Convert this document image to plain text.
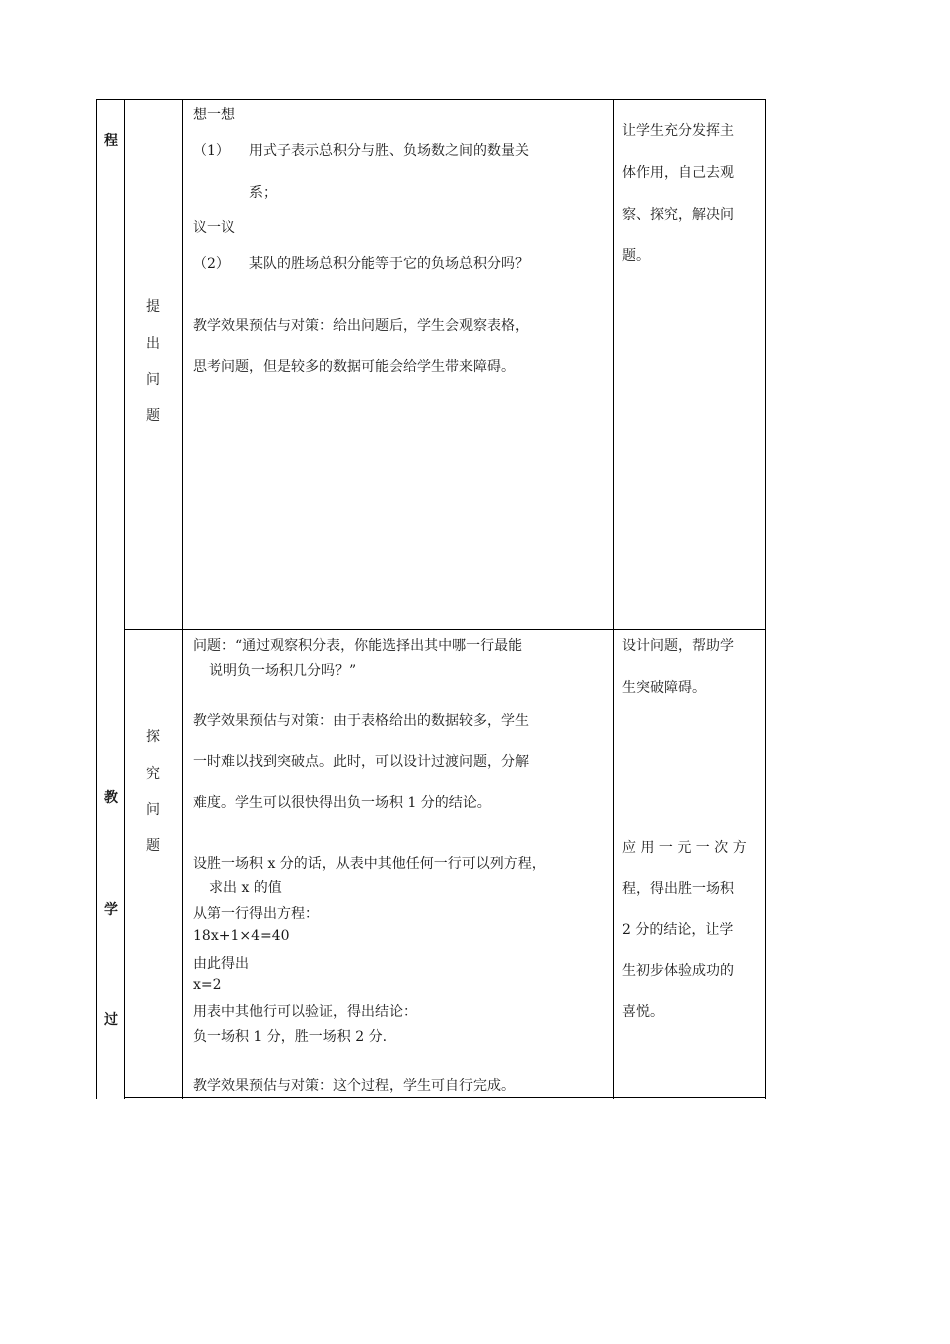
程
教
学
过
提
出
问
题
想一想
（1） 用式子表示总积分与胜、负场数之间的数量关
系；
议一议
（2） 某队的胜场总积分能等于它的负场总积分吗？
教学效果预估与对策：给出问题后，学生会观察表格，
思考问题，但是较多的数据可能会给学生带来障碍。
让学生充分发挥主
体作用，自己去观
察、探究，解决问
题。
探
究
问
题
问题：“通过观察积分表，你能选择出其中哪一行最能
说明负一场积几分吗？”
教学效果预估与对策：由于表格给出的数据较多，学生
一时难以找到突破点。此时，可以设计过渡问题，分解
难度。学生可以很快得出负一场积 1 分的结论。
设胜一场积 x 分的话，从表中其他任何一行可以列方程，
求出 x 的值
从第一行得出方程：
18x+1×4=40
由此得出
x=2
用表中其他行可以验证，得出结论：
负一场积 1 分，胜一场积 2 分.
教学效果预估与对策：这个过程，学生可自行完成。
设计问题，帮助学
生突破障碍。
应 用 一 元 一 次 方
程，得出胜一场积
2 分的结论，让学
生初步体验成功的
喜悦。
